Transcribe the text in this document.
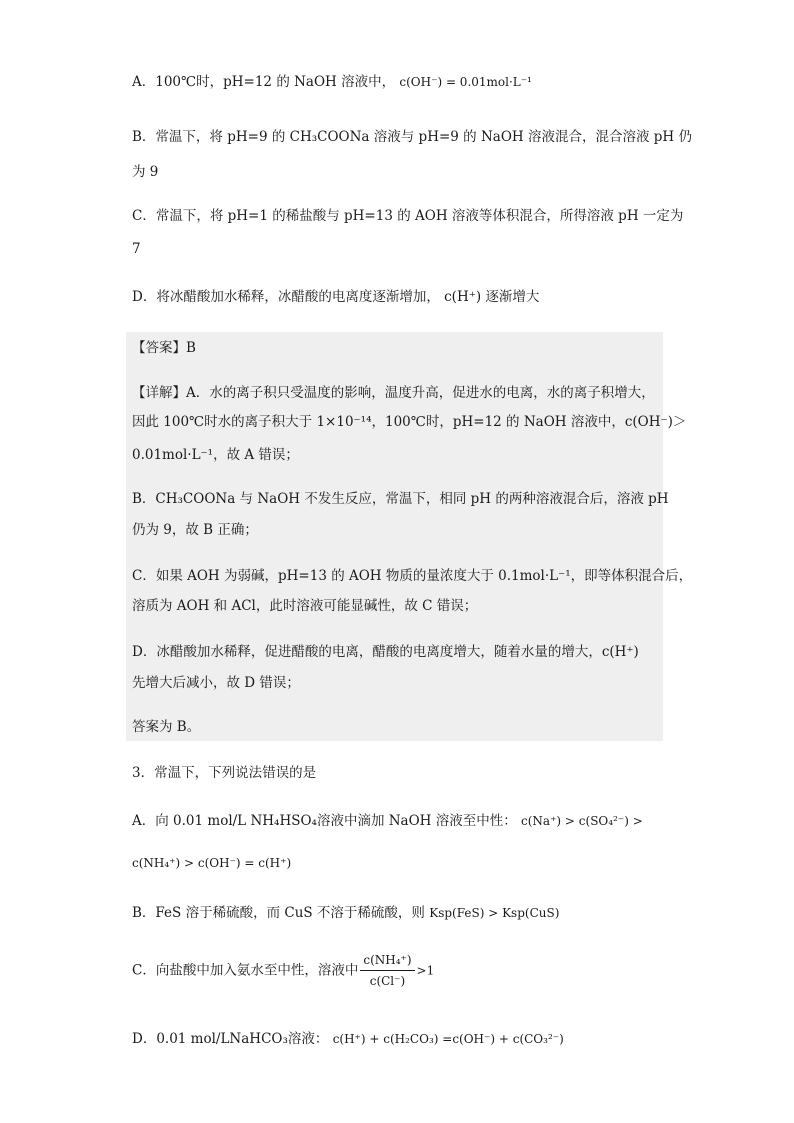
A．100℃时，pH=12 的 NaOH 溶液中， c(OH⁻) = 0.01mol·L⁻¹
B．常温下，将 pH=9 的 CH₃COONa 溶液与 pH=9 的 NaOH 溶液混合，混合溶液 pH 仍
为 9
C．常温下，将 pH=1 的稀盐酸与 pH=13 的 AOH 溶液等体积混合，所得溶液 pH 一定为
7
D．将冰醋酸加水稀释，冰醋酸的电离度逐渐增加， c(H⁺) 逐渐增大
【答案】B
【详解】A．水的离子积只受温度的影响，温度升高，促进水的电离，水的离子积增大，
因此 100℃时水的离子积大于 1×10⁻¹⁴，100℃时，pH=12 的 NaOH 溶液中，c(OH⁻)＞
0.01mol·L⁻¹，故 A 错误；
B．CH₃COONa 与 NaOH 不发生反应，常温下，相同 pH 的两种溶液混合后，溶液 pH
仍为 9，故 B 正确；
C．如果 AOH 为弱碱，pH=13 的 AOH 物质的量浓度大于 0.1mol·L⁻¹，即等体积混合后，
溶质为 AOH 和 ACl，此时溶液可能显碱性，故 C 错误；
D．冰醋酸加水稀释，促进醋酸的电离，醋酸的电离度增大，随着水量的增大，c(H⁺)
先增大后减小，故 D 错误；
答案为 B。
3．常温下，下列说法错误的是
A．向 0.01 mol/L NH₄HSO₄溶液中滴加 NaOH 溶液至中性： c(Na⁺) > c(SO₄²⁻) >
c(NH₄⁺) > c(OH⁻) = c(H⁺)
B．FeS 溶于稀硫酸，而 CuS 不溶于稀硫酸，则 Ksp(FeS) > Ksp(CuS)
C．向盐酸中加入氨水至中性，溶液中 $\frac{\text{c(NH₄⁺)}}{c(Cl^-)} >1$
D．0.01 mol/LNaHCO₃溶液： c(H⁺) + c(H₂CO₃) =c(OH⁻) + c(CO₃²⁻)
